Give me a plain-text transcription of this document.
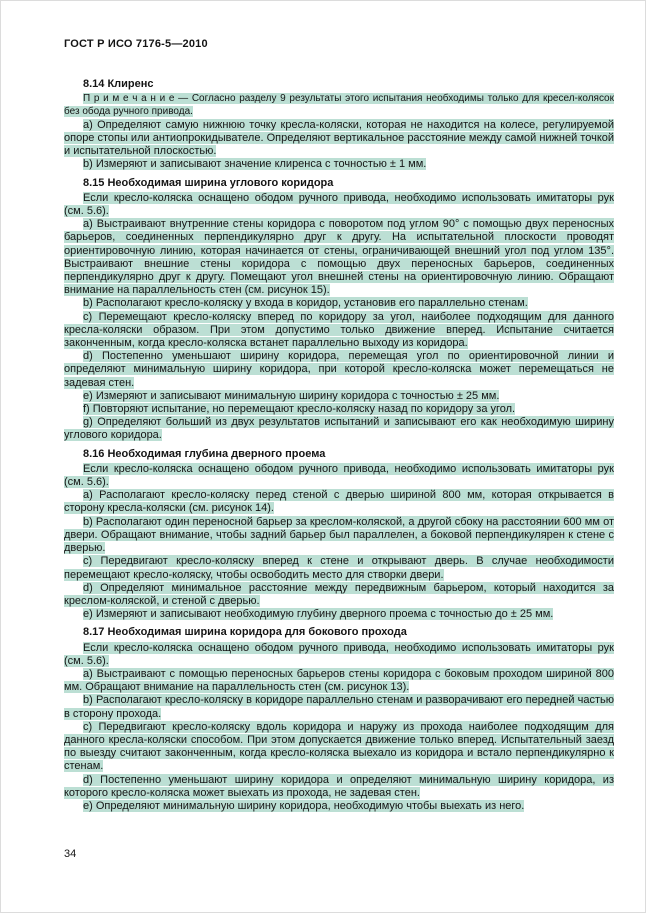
ГОСТ Р ИСО 7176-5—2010
8.14 Клиренс

П р и м е ч а н и е — Согласно разделу 9 результаты этого испытания необходимы только для кресел-колясок без обода ручного привода.

а) Определяют самую нижнюю точку кресла-коляски, которая не находится на колесе, регулируемой опоре стопы или антиопрокидывателе. Определяют вертикальное расстояние между самой нижней точкой и испытательной плоскостью.

b) Измеряют и записывают значение клиренса с точностью ± 1 мм.

8.15 Необходимая ширина углового коридора

Если кресло-коляска оснащено ободом ручного привода, необходимо использовать имитаторы рук (см. 5.6).

а) Выстраивают внутренние стены коридора с поворотом под углом 90° с помощью двух переносных барьеров, соединенных перпендикулярно друг к другу. На испытательной плоскости проводят ориентировочную линию, которая начинается от стены, ограничивающей внешний угол под углом 135°. Выстраивают внешние стены коридора с помощью двух переносных барьеров, соединенных перпендикулярно друг к другу. Помещают угол внешней стены на ориентировочную линию. Обращают внимание на параллельность стен (см. рисунок 15).

b) Располагают кресло-коляску у входа в коридор, установив его параллельно стенам.

с) Перемещают кресло-коляску вперед по коридору за угол, наиболее подходящим для данного кресла-коляски образом. При этом допустимо только движение вперед. Испытание считается законченным, когда кресло-коляска встанет параллельно выходу из коридора.

d) Постепенно уменьшают ширину коридора, перемещая угол по ориентировочной линии и определяют минимальную ширину коридора, при которой кресло-коляска может перемещаться не задевая стен.

е) Измеряют и записывают минимальную ширину коридора с точностью ± 25 мм.

f) Повторяют испытание, но перемещают кресло-коляску назад по коридору за угол.

g) Определяют больший из двух результатов испытаний и записывают его как необходимую ширину углового коридора.

8.16 Необходимая глубина дверного проема

Если кресло-коляска оснащено ободом ручного привода, необходимо использовать имитаторы рук (см. 5.6).

а) Располагают кресло-коляску перед стеной с дверью шириной 800 мм, которая открывается в сторону кресла-коляски (см. рисунок 14).

b) Располагают один переносной барьер за креслом-коляской, а другой сбоку на расстоянии 600 мм от двери. Обращают внимание, чтобы задний барьер был параллелен, а боковой перпендикулярен к стене с дверью.

с) Передвигают кресло-коляску вперед к стене и открывают дверь. В случае необходимости перемещают кресло-коляску, чтобы освободить место для створки двери.

d) Определяют минимальное расстояние между передвижным барьером, который находится за креслом-коляской, и стеной с дверью.

е) Измеряют и записывают необходимую глубину дверного проема с точностью до ± 25 мм.

8.17 Необходимая ширина коридора для бокового прохода

Если кресло-коляска оснащено ободом ручного привода, необходимо использовать имитаторы рук (см. 5.6).

а) Выстраивают с помощью переносных барьеров стены коридора с боковым проходом шириной 800 мм. Обращают внимание на параллельность стен (см. рисунок 13).

b) Располагают кресло-коляску в коридоре параллельно стенам и разворачивают его передней частью в сторону прохода.

с) Передвигают кресло-коляску вдоль коридора и наружу из прохода наиболее подходящим для данного кресла-коляски способом. При этом допускается движение только вперед. Испытательный заезд по выезду считают законченным, когда кресло-коляска выехало из коридора и встало перпендикулярно к стенам.

d) Постепенно уменьшают ширину коридора и определяют минимальную ширину коридора, из которого кресло-коляска может выехать из прохода, не задевая стен.

е) Определяют минимальную ширину коридора, необходимую чтобы выехать из него.

34
